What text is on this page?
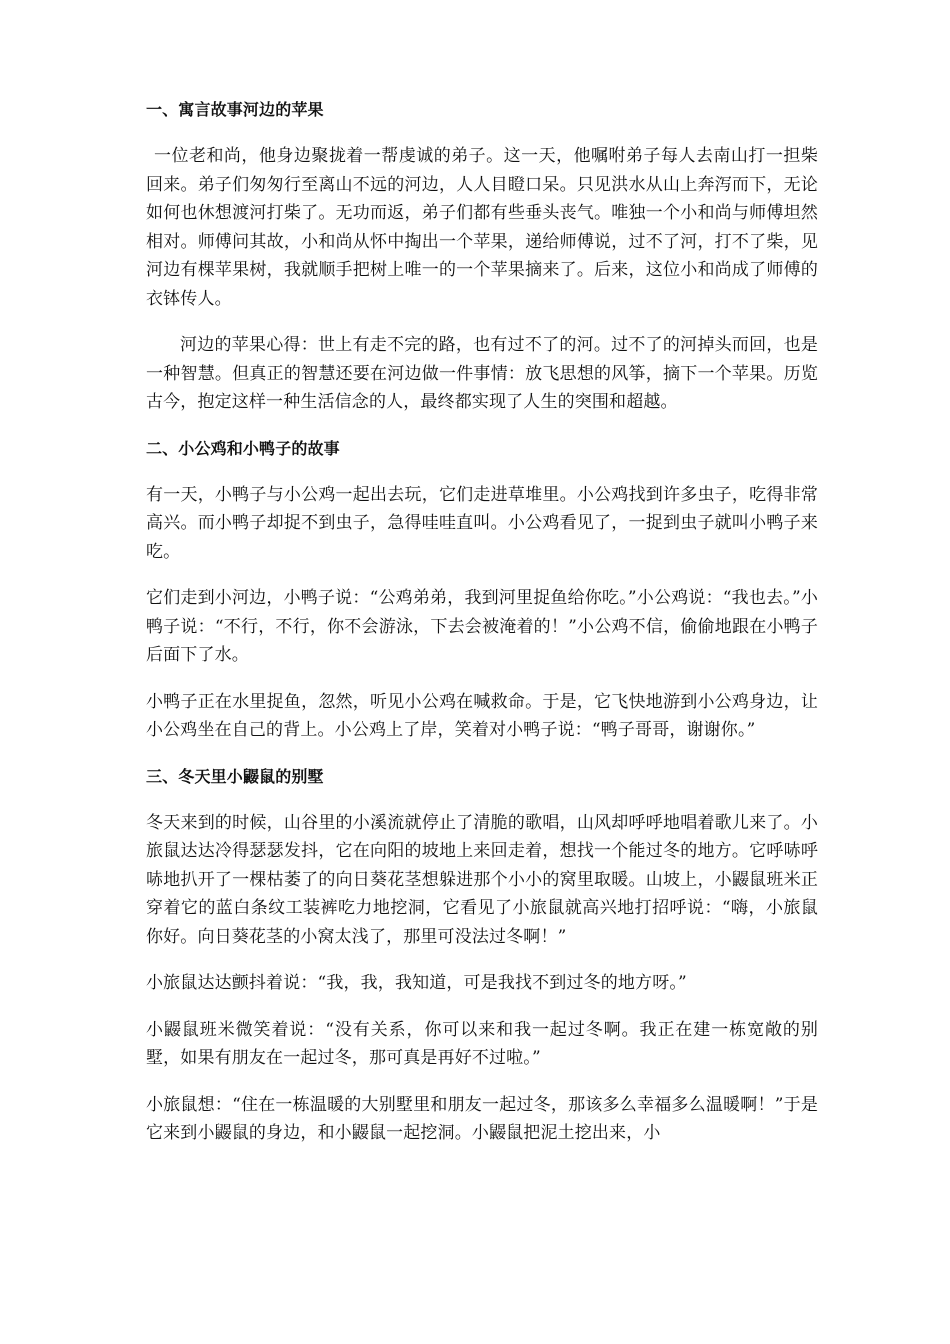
一、寓言故事河边的苹果

一位老和尚，他身边聚拢着一帮虔诚的弟子。这一天，他嘱咐弟子每人去南山打一担柴回来。弟子们匆匆行至离山不远的河边，人人目瞪口呆。只见洪水从山上奔泻而下，无论如何也休想渡河打柴了。无功而返，弟子们都有些垂头丧气。唯独一个小和尚与师傅坦然相对。师傅问其故，小和尚从怀中掏出一个苹果，递给师傅说，过不了河，打不了柴，见河边有棵苹果树，我就顺手把树上唯一的一个苹果摘来了。后来，这位小和尚成了师傅的衣钵传人。

河边的苹果心得：世上有走不完的路，也有过不了的河。过不了的河掉头而回，也是一种智慧。但真正的智慧还要在河边做一件事情：放飞思想的风筝，摘下一个苹果。历览古今，抱定这样一种生活信念的人，最终都实现了人生的突围和超越。

二、小公鸡和小鸭子的故事

有一天，小鸭子与小公鸡一起出去玩，它们走进草堆里。小公鸡找到许多虫子，吃得非常高兴。而小鸭子却捉不到虫子，急得哇哇直叫。小公鸡看见了，一捉到虫子就叫小鸭子来吃。

它们走到小河边，小鸭子说：“公鸡弟弟，我到河里捉鱼给你吃。”小公鸡说：“我也去。”小鸭子说：“不行，不行，你不会游泳，下去会被淹着的！”小公鸡不信，偷偷地跟在小鸭子后面下了水。

小鸭子正在水里捉鱼，忽然，听见小公鸡在喊救命。于是，它飞快地游到小公鸡身边，让小公鸡坐在自己的背上。小公鸡上了岸，笑着对小鸭子说：“鸭子哥哥，谢谢你。”

三、冬天里小鼹鼠的别墅

冬天来到的时候，山谷里的小溪流就停止了清脆的歌唱，山风却呼呼地唱着歌儿来了。小旅鼠达达冷得瑟瑟发抖，它在向阳的坡地上来回走着，想找一个能过冬的地方。它呼哧呼哧地扒开了一棵枯萎了的向日葵花茎想躲进那个小小的窝里取暖。山坡上，小鼹鼠班米正穿着它的蓝白条纹工装裤吃力地挖洞，它看见了小旅鼠就高兴地打招呼说：“嗨，小旅鼠你好。向日葵花茎的小窝太浅了，那里可没法过冬啊！”

小旅鼠达达颤抖着说：“我，我，我知道，可是我找不到过冬的地方呀。”

小鼹鼠班米微笑着说：“没有关系，你可以来和我一起过冬啊。我正在建一栋宽敞的别墅，如果有朋友在一起过冬，那可真是再好不过啦。”

小旅鼠想：“住在一栋温暖的大别墅里和朋友一起过冬，那该多么幸福多么温暖啊！”于是它来到小鼹鼠的身边，和小鼹鼠一起挖洞。小鼹鼠把泥土挖出来，小
